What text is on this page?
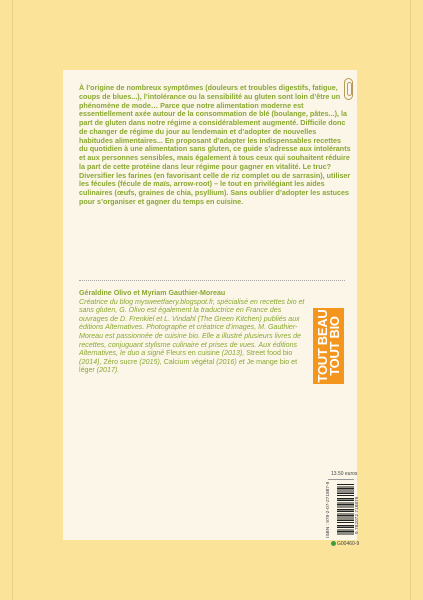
À l’origine de nombreux symptômes (douleurs et troubles digestifs, fatigue, coups de blues...), l’intolérance ou la sensibilité au gluten sont loin d’être un phénomène de mode… Parce que notre alimentation moderne est essentiellement axée autour de la consommation de blé (boulange, pâtes...), la part de gluten dans notre régime a considérablement augmenté. Difficile donc de changer de régime du jour au lendemain et d’adopter de nouvelles habitudes alimentaires... En proposant d’adapter les indispensables recettes du quotidien à une alimentation sans gluten, ce guide s’adresse aux intolérants et aux personnes sensibles, mais également à tous ceux qui souhaitent réduire la part de cette protéine dans leur régime pour gagner en vitalité. Le truc? Diversifier les farines (en favorisant celle de riz complet ou de sarrasin), utiliser les fécules (fécule de maïs, arrow-root) – le tout en privilégiant les aides culinaires (œufs, graines de chia, psyllium). Sans oublier d’adopter les astuces pour s’organiser et gagner du temps en cuisine.

Géraldine Olivo et Myriam Gauthier-Moreau
Créatrice du blog mysweetfaery.blogspot.fr, spécialisé en recettes bio et sans gluten, G. Olivo est également la traductrice en France des ouvrages de D. Frenkiel et L. Vindahl (The Green Kitchen) publiés aux éditions Alternatives. Photographe et créatrice d’images, M. Gauthier-Moreau est passionnée de cuisine bio. Elle a illustré plusieurs livres de recettes, conjuguant stylisme culinaire et prises de vues. Aux éditions Alternatives, le duo a signé Fleurs en cuisine (2013), Street food bio (2014), Zéro sucre (2015), Calcium végétal (2016) et Je mange bio et léger (2017).	TOUT BEAU
TOUT BIO

13.50 euros

ISBN : 978-2-07-271887-9	9 782072 718879
G00460-9
